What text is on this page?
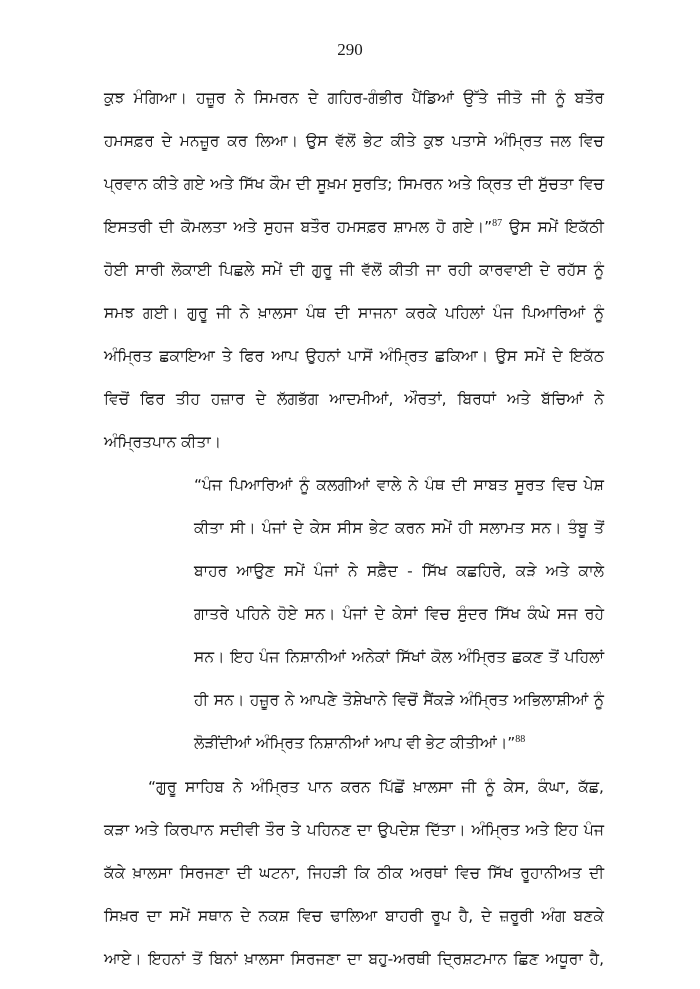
290
ਕੁਝ ਮੰਗਿਆ। ਹਜ਼ੂਰ ਨੇ ਸਿਮਰਨ ਦੇ ਗਹਿਰ-ਗੰਭੀਰ ਪੈਂਡਿਆਂ ਉੱਤੇ ਜੀਤੋ ਜੀ ਨੂੰ ਬਤੌਰ
ਹਮਸਫ਼ਰ ਦੇ ਮਨਜ਼ੂਰ ਕਰ ਲਿਆ। ਉਸ ਵੱਲੋਂ ਭੇਟ ਕੀਤੇ ਕੁਝ ਪਤਾਸੇ ਅੰਮ੍ਰਿਤ ਜਲ ਵਿਚ
ਪ੍ਰਵਾਨ ਕੀਤੇ ਗਏ ਅਤੇ ਸਿੱਖ ਕੌਮ ਦੀ ਸੂਖ਼ਮ ਸੁਰਤਿ; ਸਿਮਰਨ ਅਤੇ ਕ੍ਰਿਤ ਦੀ ਸੁੱਚਤਾ ਵਿਚ
ਇਸਤਰੀ ਦੀ ਕੋਮਲਤਾ ਅਤੇ ਸੁਹਜ ਬਤੌਰ ਹਮਸਫ਼ਰ ਸ਼ਾਮਲ ਹੋ ਗਏ।”$^{87}$ ਉਸ ਸਮੇਂ ਇਕੱਠੀ
ਹੋਈ ਸਾਰੀ ਲੋਕਾਈ ਪਿਛਲੇ ਸਮੇਂ ਦੀ ਗੁਰੂ ਜੀ ਵੱਲੋਂ ਕੀਤੀ ਜਾ ਰਹੀ ਕਾਰਵਾਈ ਦੇ ਰਹੱਸ ਨੂੰ
ਸਮਝ ਗਈ। ਗੁਰੂ ਜੀ ਨੇ ਖ਼ਾਲਸਾ ਪੰਥ ਦੀ ਸਾਜਨਾ ਕਰਕੇ ਪਹਿਲਾਂ ਪੰਜ ਪਿਆਰਿਆਂ ਨੂੰ
ਅੰਮ੍ਰਿਤ ਛਕਾਇਆ ਤੇ ਫਿਰ ਆਪ ਉਹਨਾਂ ਪਾਸੋਂ ਅੰਮ੍ਰਿਤ ਛਕਿਆ। ਉਸ ਸਮੇਂ ਦੇ ਇਕੱਠ
ਵਿਚੋਂ ਫਿਰ ਤੀਹ ਹਜ਼ਾਰ ਦੇ ਲੱਗਭੱਗ ਆਦਮੀਆਂ, ਔਰਤਾਂ, ਬਿਰਧਾਂ ਅਤੇ ਬੱਚਿਆਂ ਨੇ
ਅੰਮ੍ਰਿਤਪਾਨ ਕੀਤਾ।
“ਪੰਜ ਪਿਆਰਿਆਂ ਨੂੰ ਕਲਗੀਆਂ ਵਾਲੇ ਨੇ ਪੰਥ ਦੀ ਸਾਬਤ ਸੂਰਤ ਵਿਚ ਪੇਸ਼
ਕੀਤਾ ਸੀ। ਪੰਜਾਂ ਦੇ ਕੇਸ ਸੀਸ ਭੇਟ ਕਰਨ ਸਮੇਂ ਹੀ ਸਲਾਮਤ ਸਨ। ਤੰਬੂ ਤੋਂ
ਬਾਹਰ ਆਉਣ ਸਮੇਂ ਪੰਜਾਂ ਨੇ ਸਫ਼ੈਦ - ਸਿੱਖ ਕਛਹਿਰੇ, ਕੜੇ ਅਤੇ ਕਾਲੇ
ਗਾਤਰੇ ਪਹਿਨੇ ਹੋਏ ਸਨ। ਪੰਜਾਂ ਦੇ ਕੇਸਾਂ ਵਿਚ ਸੁੰਦਰ ਸਿੱਖ ਕੰਘੇ ਸਜ ਰਹੇ
ਸਨ। ਇਹ ਪੰਜ ਨਿਸ਼ਾਨੀਆਂ ਅਨੇਕਾਂ ਸਿੱਖਾਂ ਕੋਲ ਅੰਮ੍ਰਿਤ ਛਕਣ ਤੋਂ ਪਹਿਲਾਂ
ਹੀ ਸਨ। ਹਜ਼ੂਰ ਨੇ ਆਪਣੇ ਤੋਸ਼ੇਖਾਨੇ ਵਿਚੋਂ ਸੈਂਕੜੇ ਅੰਮ੍ਰਿਤ ਅਭਿਲਾਸ਼ੀਆਂ ਨੂੰ
ਲੋੜੀਂਦੀਆਂ ਅੰਮ੍ਰਿਤ ਨਿਸ਼ਾਨੀਆਂ ਆਪ ਵੀ ਭੇਟ ਕੀਤੀਆਂ।”$^{88}$
“ਗੁਰੂ ਸਾਹਿਬ ਨੇ ਅੰਮ੍ਰਿਤ ਪਾਨ ਕਰਨ ਪਿੱਛੋਂ ਖ਼ਾਲਸਾ ਜੀ ਨੂੰ ਕੇਸ, ਕੰਘਾ, ਕੱਛ,
ਕੜਾ ਅਤੇ ਕਿਰਪਾਨ ਸਦੀਵੀ ਤੌਰ ਤੇ ਪਹਿਨਣ ਦਾ ਉਪਦੇਸ਼ ਦਿੱਤਾ। ਅੰਮ੍ਰਿਤ ਅਤੇ ਇਹ ਪੰਜ
ਕੱਕੇ ਖ਼ਾਲਸਾ ਸਿਰਜਣਾ ਦੀ ਘਟਨਾ, ਜਿਹੜੀ ਕਿ ਠੀਕ ਅਰਥਾਂ ਵਿਚ ਸਿੱਖ ਰੂਹਾਨੀਅਤ ਦੀ
ਸਿਖ਼ਰ ਦਾ ਸਮੇਂ ਸਥਾਨ ਦੇ ਨਕਸ਼ ਵਿਚ ਢਾਲਿਆ ਬਾਹਰੀ ਰੂਪ ਹੈ, ਦੇ ਜ਼ਰੂਰੀ ਅੰਗ ਬਣਕੇ
ਆਏ। ਇਹਨਾਂ ਤੋਂ ਬਿਨਾਂ ਖ਼ਾਲਸਾ ਸਿਰਜਣਾ ਦਾ ਬਹੁ-ਅਰਥੀ ਦ੍ਰਿਸ਼ਟਮਾਨ ਛਿਣ ਅਧੂਰਾ ਹੈ,
